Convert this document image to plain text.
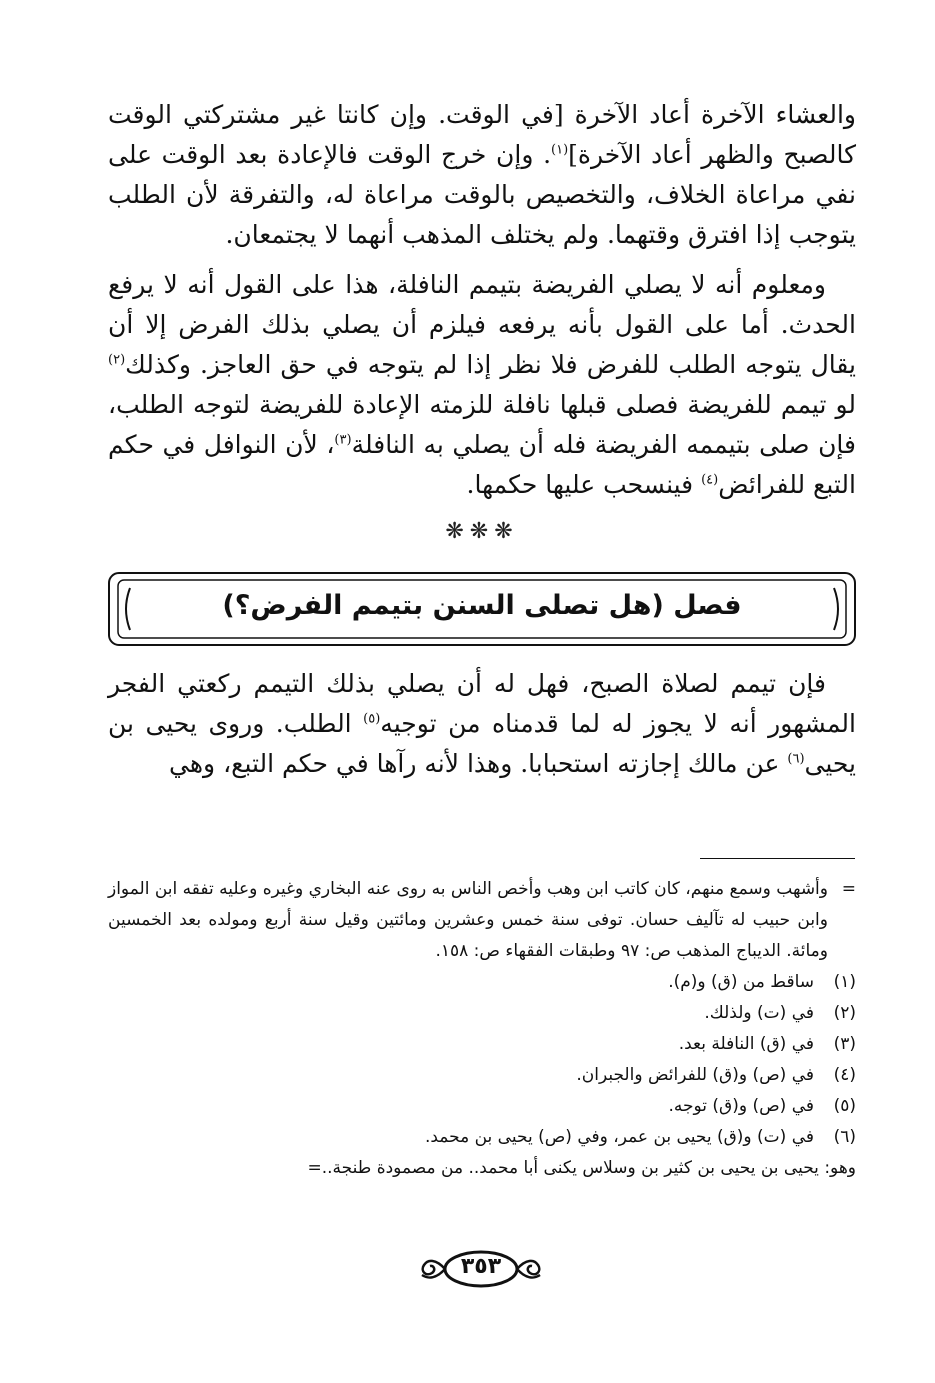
والعشاء الآخرة أعاد الآخرة [في الوقت. وإن كانتا غير مشتركتي الوقت كالصبح والظهر أعاد الآخرة]$^{(١)}$. وإن خرج الوقت فالإعادة بعد الوقت على نفي مراعاة الخلاف، والتخصيص بالوقت مراعاة له، والتفرقة لأن الطلب يتوجب إذا افترق وقتهما. ولم يختلف المذهب أنهما لا يجتمعان.

ومعلوم أنه لا يصلي الفريضة بتيمم النافلة، هذا على القول أنه لا يرفع الحدث. أما على القول بأنه يرفعه فيلزم أن يصلي بذلك الفرض إلا أن يقال يتوجه الطلب للفرض فلا نظر إذا لم يتوجه في حق العاجز. وكذلك$^{(٢)}$ لو تيمم للفريضة فصلى قبلها نافلة للزمته الإعادة للفريضة لتوجه الطلب، فإن صلى بتيممه الفريضة فله أن يصلي به النافلة$^{(٣)}$، لأن النوافل في حكم التبع للفرائض$^{(٤)}$ فينسحب عليها حكمها.

❋❋❋
فصل (هل تصلى السنن بتيمم الفرض؟)

فإن تيمم لصلاة الصبح، فهل له أن يصلي بذلك التيمم ركعتي الفجر المشهور أنه لا يجوز له لما قدمناه من توجيه$^{(٥)}$ الطلب. وروى يحيى بن يحيى$^{(٦)}$ عن مالك إجازته استحبابا. وهذا لأنه رآها في حكم التبع، وهي

=
وأشهب وسمع منهم، كان كاتب ابن وهب وأخص الناس به روى عنه البخاري وغيره وعليه تفقه ابن المواز وابن حبيب له تآليف حسان. توفى سنة خمس وعشرين ومائتين وقيل سنة أربع ومولده بعد الخمسين ومائة. الديباج المذهب ص: ٩٧ وطبقات الفقهاء ص: ١٥٨.
(١)
ساقط من (ق) و(م).
(٢)
في (ت) ولذلك.
(٣)
في (ق) النافلة بعد.
(٤)
في (ص) و(ق) للفرائض والجبران.
(٥)
في (ص) و(ق) توجه.
(٦)
في (ت) و(ق) يحيى بن عمر، وفي (ص) يحيى بن محمد.
وهو: يحيى بن يحيى بن كثير بن وسلاس يكنى أبا محمد.. من مصمودة طنجة..=
٣٥٣
